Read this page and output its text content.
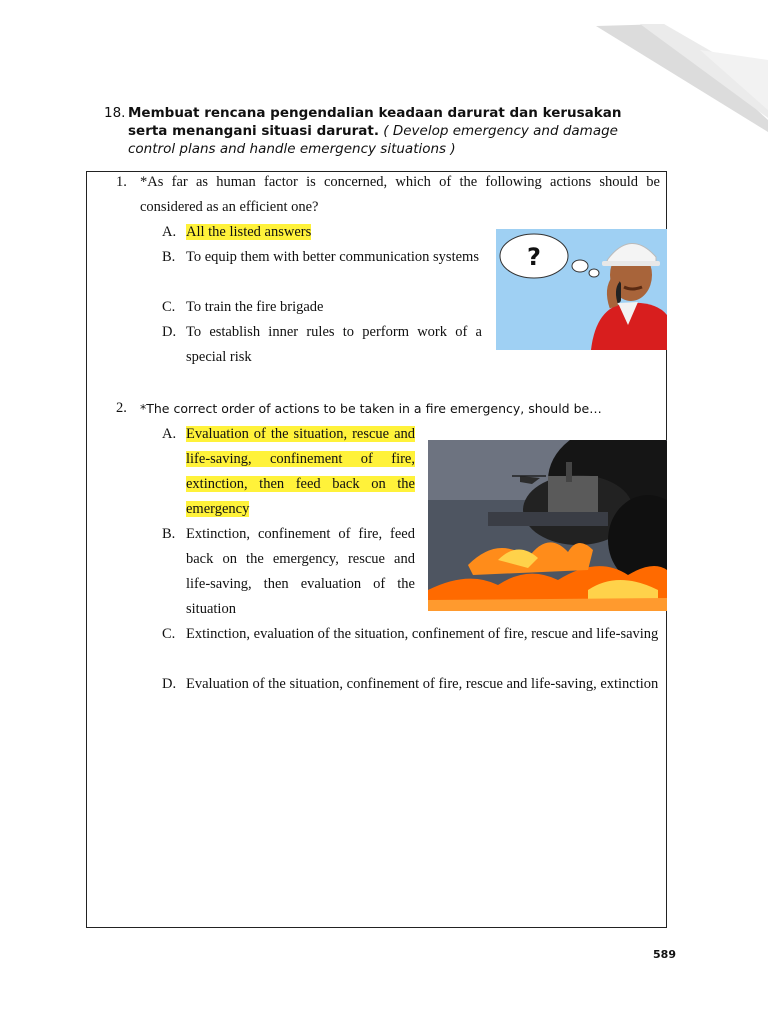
18. Membuat rencana pengendalian keadaan darurat dan kerusakan serta menangani situasi darurat. ( Develop emergency and damage control plans and handle emergency situations )
1. *As far as human factor is concerned, which of the following actions should be considered as an efficient one?
A. All the listed answers
B. To equip them with better communication systems
C. To train the fire brigade
D. To establish inner rules to perform work of a special risk
?
2. *The correct order of actions to be taken in a fire emergency, should be…
A. Evaluation of the situation, rescue and life-saving, confinement of fire, extinction, then feed back on the emergency
B. Extinction, confinement of fire, feed back on the emergency, rescue and life-saving, then evaluation of the situation
C. Extinction, evaluation of the situation, confinement of fire, rescue and life-saving
D. Evaluation of the situation, confinement of fire, rescue and life-saving, extinction
589
